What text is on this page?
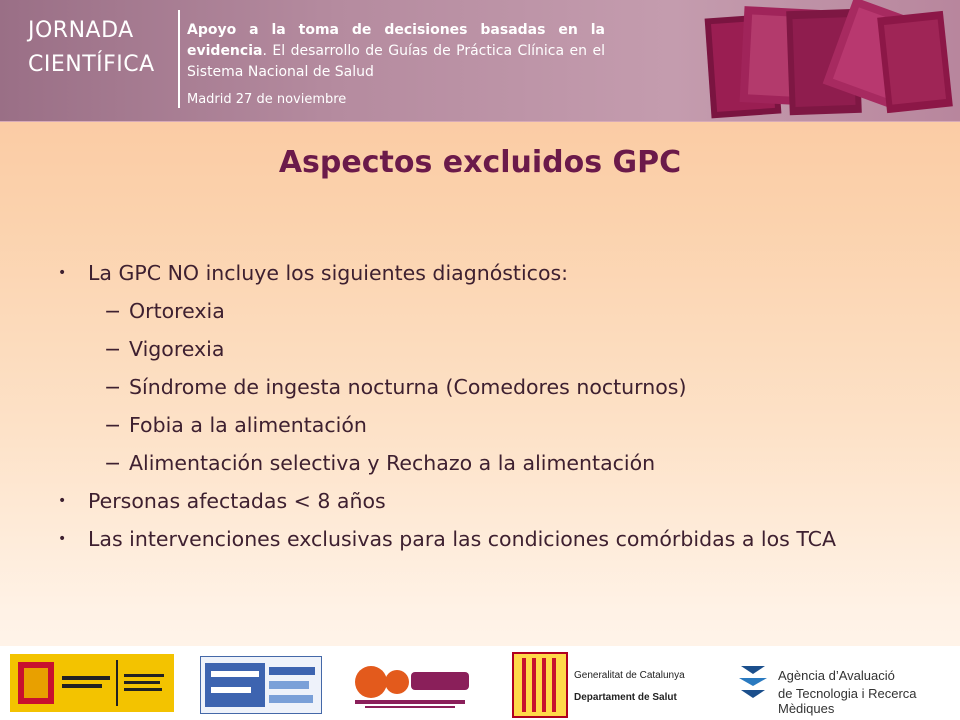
JORNADA
CIENTÍFICA
Apoyo a la toma de decisiones basadas en la evidencia. El desarrollo de Guías de Práctica Clínica en el Sistema Nacional de Salud
Madrid 27 de noviembre
Aspectos excluidos GPC
• La GPC NO incluye los siguientes diagnósticos:
− Ortorexia
− Vigorexia
− Síndrome de ingesta nocturna (Comedores nocturnos)
− Fobia a la alimentación
− Alimentación selectiva y Rechazo a la alimentación
• Personas afectadas < 8 años
• Las intervenciones exclusivas para las condiciones comórbidas a los TCA
Generalitat de Catalunya
Departament de Salut
Agència d’Avaluació
de Tecnologia i Recerca Mèdiques
